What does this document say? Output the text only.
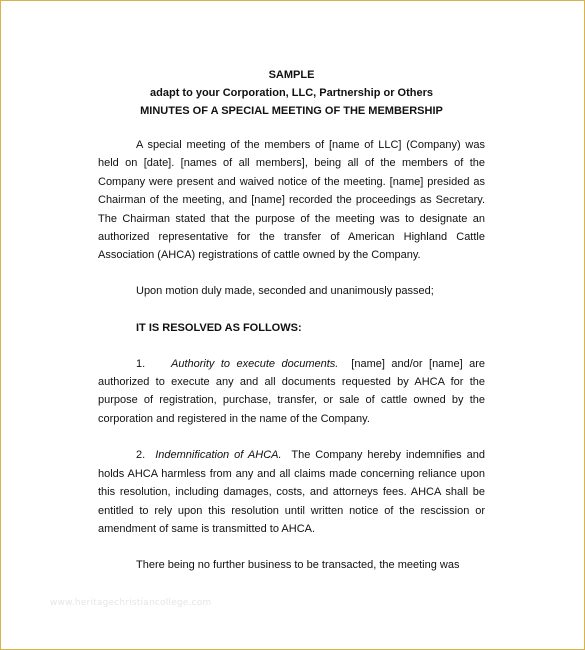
SAMPLE
adapt to your Corporation, LLC, Partnership or Others
MINUTES OF A SPECIAL MEETING OF THE MEMBERSHIP

A special meeting of the members of [name of LLC] (Company) was held on [date]. [names of all members], being all of the members of the Company were present and waived notice of the meeting. [name] presided as Chairman of the meeting, and [name] recorded the proceedings as Secretary. The Chairman stated that the purpose of the meeting was to designate an authorized representative for the transfer of American Highland Cattle Association (AHCA) registrations of cattle owned by the Company.

Upon motion duly made, seconded and unanimously passed;

IT IS RESOLVED AS FOLLOWS:

1. Authority to execute documents. [name] and/or [name] are authorized to execute any and all documents requested by AHCA for the purpose of registration, purchase, transfer, or sale of cattle owned by the corporation and registered in the name of the Company.

2. Indemnification of AHCA. The Company hereby indemnifies and holds AHCA harmless from any and all claims made concerning reliance upon this resolution, including damages, costs, and attorneys fees. AHCA shall be entitled to rely upon this resolution until written notice of the rescission or amendment of same is transmitted to AHCA.

There being no further business to be transacted, the meeting was

www.heritagechristiancollege.com
